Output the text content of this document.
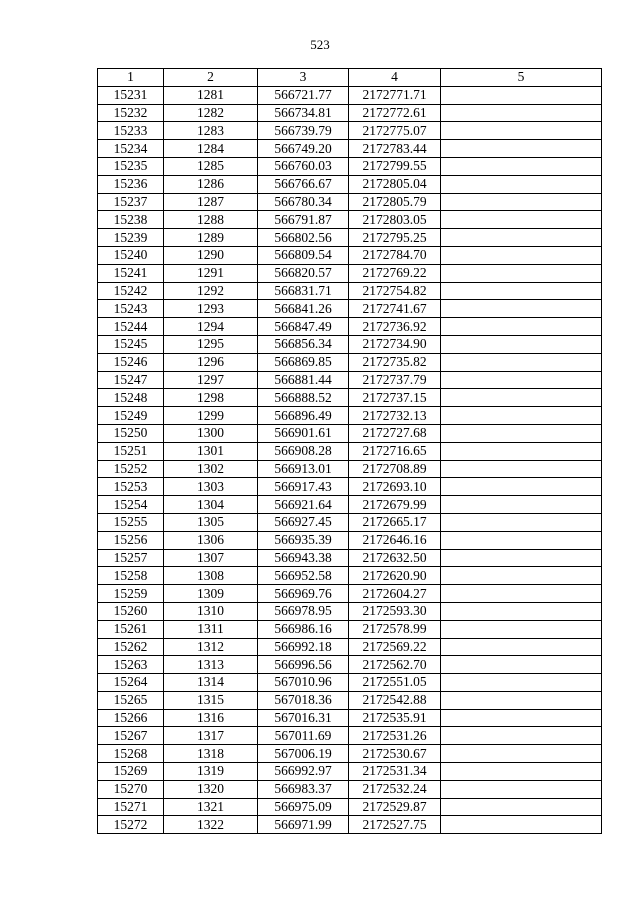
523
1	2	3	4	5
15231	1281	566721.77	2172771.71	
15232	1282	566734.81	2172772.61	
15233	1283	566739.79	2172775.07	
15234	1284	566749.20	2172783.44	
15235	1285	566760.03	2172799.55	
15236	1286	566766.67	2172805.04	
15237	1287	566780.34	2172805.79	
15238	1288	566791.87	2172803.05	
15239	1289	566802.56	2172795.25	
15240	1290	566809.54	2172784.70	
15241	1291	566820.57	2172769.22	
15242	1292	566831.71	2172754.82	
15243	1293	566841.26	2172741.67	
15244	1294	566847.49	2172736.92	
15245	1295	566856.34	2172734.90	
15246	1296	566869.85	2172735.82	
15247	1297	566881.44	2172737.79	
15248	1298	566888.52	2172737.15	
15249	1299	566896.49	2172732.13	
15250	1300	566901.61	2172727.68	
15251	1301	566908.28	2172716.65	
15252	1302	566913.01	2172708.89	
15253	1303	566917.43	2172693.10	
15254	1304	566921.64	2172679.99	
15255	1305	566927.45	2172665.17	
15256	1306	566935.39	2172646.16	
15257	1307	566943.38	2172632.50	
15258	1308	566952.58	2172620.90	
15259	1309	566969.76	2172604.27	
15260	1310	566978.95	2172593.30	
15261	1311	566986.16	2172578.99	
15262	1312	566992.18	2172569.22	
15263	1313	566996.56	2172562.70	
15264	1314	567010.96	2172551.05	
15265	1315	567018.36	2172542.88	
15266	1316	567016.31	2172535.91	
15267	1317	567011.69	2172531.26	
15268	1318	567006.19	2172530.67	
15269	1319	566992.97	2172531.34	
15270	1320	566983.37	2172532.24	
15271	1321	566975.09	2172529.87	
15272	1322	566971.99	2172527.75	
